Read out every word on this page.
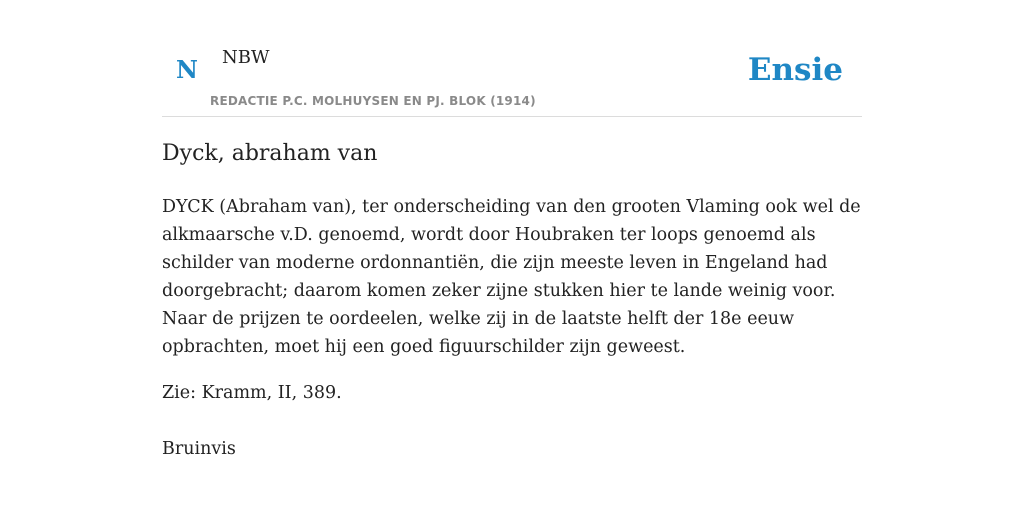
N NBW
REDACTIE P.C. MOLHUYSEN EN PJ. BLOK (1914)
Ensie
Dyck, abraham van

DYCK (Abraham van), ter onderscheiding van den grooten Vlaming ook wel de alkmaarsche v.D. genoemd, wordt door Houbraken ter loops genoemd als schilder van moderne ordonnantiën, die zijn meeste leven in Engeland had doorgebracht; daarom komen zeker zijne stukken hier te lande weinig voor. Naar de prijzen te oordeelen, welke zij in de laatste helft der 18e eeuw opbrachten, moet hij een goed figuurschilder zijn geweest.

Zie: Kramm, II, 389.

Bruinvis
